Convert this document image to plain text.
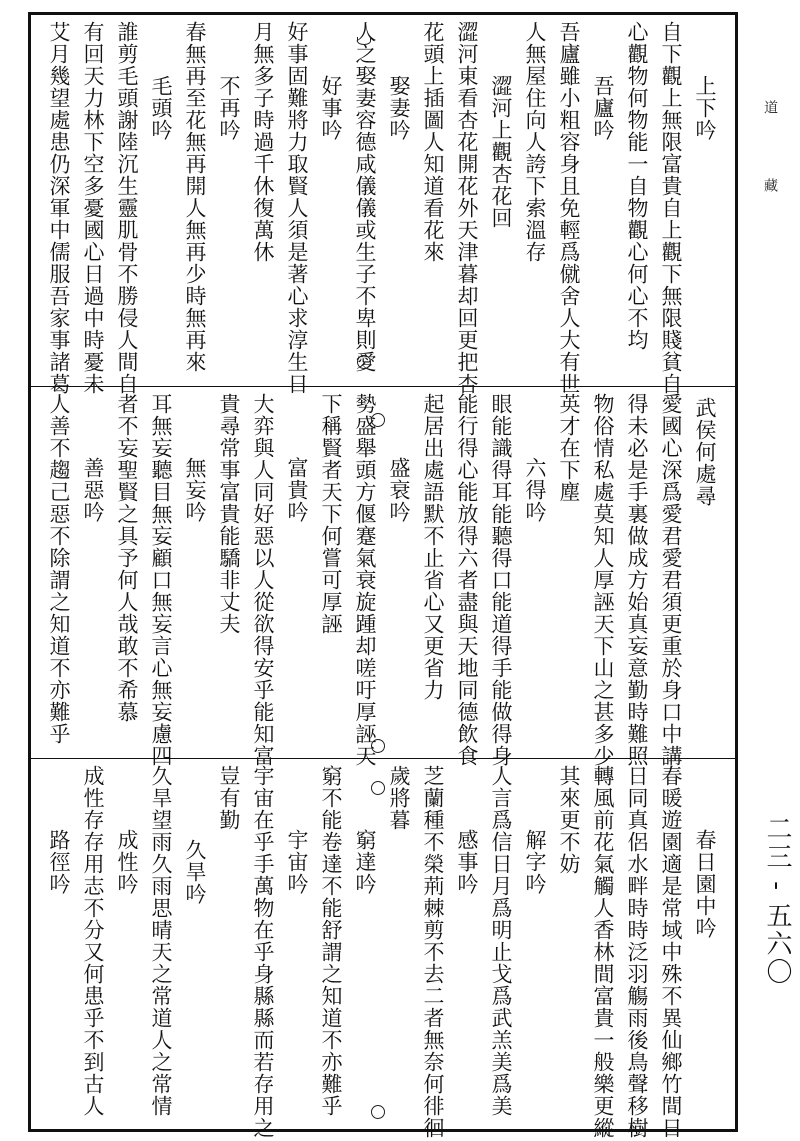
上下吟
自下觀上無限富貴自上觀下無限賤貧自
心觀物何物能一自物觀心何心不均
吾廬吟
吾廬雖小粗容身且免輕爲僦舍人大有世
人無屋住向人誇下索溫存
澀河上觀杏花回
澀河東看杏花開花外天津暮却回更把杏
花頭上插圖人知道看花來
娶妻吟
人之娶妻容德咸儀儀或生子不卑則愛
好事吟
好事固難將力取賢人須是著心求淳生日
月無多子時過千休復萬休
不再吟
春無再至花無再開人無再少時無再來
毛頭吟
誰剪毛頭謝陸沉生靈肌骨不勝侵人間自
有回天力林下空多憂國心日過中時憂未
艾月幾望處患仍深軍中儒服吾家事諸葛
武侯何處尋
愛國心深爲愛君愛君須更重於身口中講
得未必是手裏做成方始真妄意勤時難照
物俗情私處莫知人厚誣天下山之甚多少
英才在下塵
六得吟
眼能識得耳能聽得口能道得手能做得身
能行得心能放得六者盡與天地同德飲食
起居出處語默不止省心又更省力
盛衰吟
勢盛舉頭方偃蹇氣衰旋踵却嗟吁厚誣天
下稱賢者天下何嘗可厚誣
富貴吟
大弈與人同好惡以人從欲得安乎能知富
貴尋常事富貴能驕非丈夫
無妄吟
耳無妄聽目無妄顧口無妄言心無妄慮四
者不妄聖賢之具予何人哉敢不希慕
善惡吟
人善不趨己惡不除謂之知道不亦難乎
春日園中吟
春暖遊園適是常域中殊不異仙鄉竹間日
日同真侶水畔時時泛羽觴雨後鳥聲移樹
轉風前花氣觸人香林間富貴一般樂更縱
其來更不妨
解字吟
人言爲信日月爲明止戈爲武羔美爲美
感事吟
芝蘭種不榮荊棘剪不去二者無奈何徘徊
歲將暮
窮達吟
窮不能卷達不能舒謂之知道不亦難乎
宇宙吟
宇宙在乎手萬物在乎身縣縣而若存用之
豈有勤
久旱吟
久旱望雨久雨思晴天之常道人之常情
成性吟
成性存存用志不分又何患乎不到古人
路徑吟
道
藏
二三 - 五六〇
